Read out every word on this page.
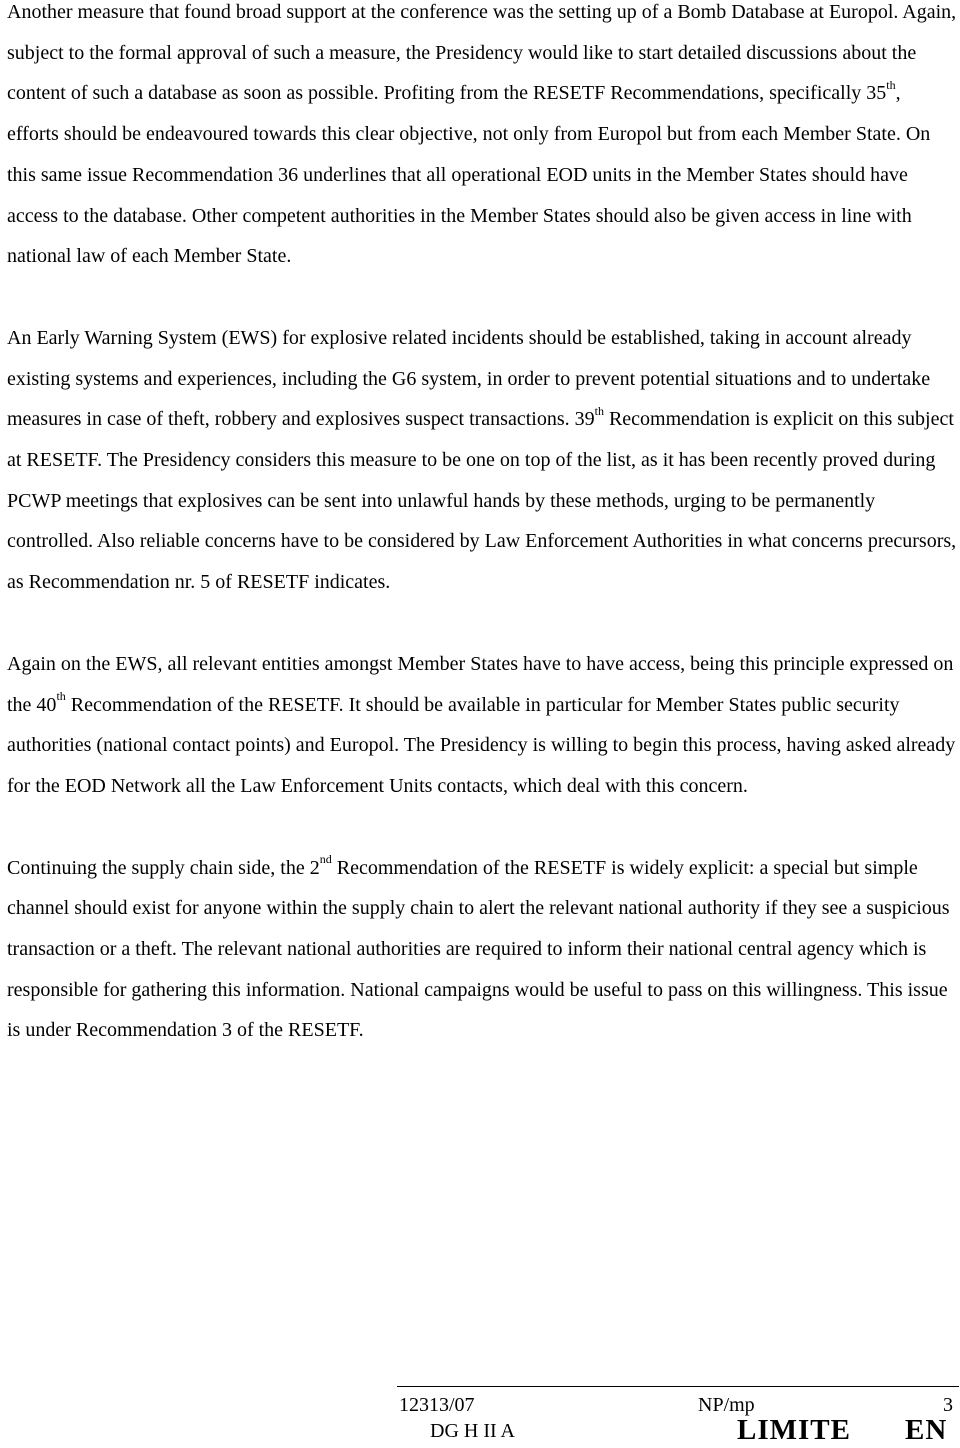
Another measure that found broad support at the conference was the setting up of a Bomb Database at Europol. Again, subject to the formal approval of such a measure, the Presidency would like to start detailed discussions about the content of such a database as soon as possible. Profiting from the RESETF Recommendations, specifically 35th, efforts should be endeavoured towards this clear objective, not only from Europol but from each Member State. On this same issue Recommendation 36 underlines that all operational EOD units in the Member States should have access to the database. Other competent authorities in the Member States should also be given access in line with national law of each Member State.

An Early Warning System (EWS) for explosive related incidents should be established, taking in account already existing systems and experiences, including the G6 system, in order to prevent potential situations and to undertake measures in case of theft, robbery and explosives suspect transactions. 39th Recommendation is explicit on this subject at RESETF. The Presidency considers this measure to be one on top of the list, as it has been recently proved during PCWP meetings that explosives can be sent into unlawful hands by these methods, urging to be permanently controlled. Also reliable concerns have to be considered by Law Enforcement Authorities in what concerns precursors, as Recommendation nr. 5 of RESETF indicates.

Again on the EWS, all relevant entities amongst Member States have to have access, being this principle expressed on the 40th Recommendation of the RESETF. It should be available in particular for Member States public security authorities (national contact points) and Europol. The Presidency is willing to begin this process, having asked already for the EOD Network all the Law Enforcement Units contacts, which deal with this concern.

Continuing the supply chain side, the 2nd Recommendation of the RESETF is widely explicit: a special but simple channel should exist for anyone within the supply chain to alert the relevant national authority if they see a suspicious transaction or a theft. The relevant national authorities are required to inform their national central agency which is responsible for gathering this information. National campaigns would be useful to pass on this willingness. This issue is under Recommendation 3 of the RESETF.

12313/07	NP/mp	3
DG H II A	LIMITE EN
